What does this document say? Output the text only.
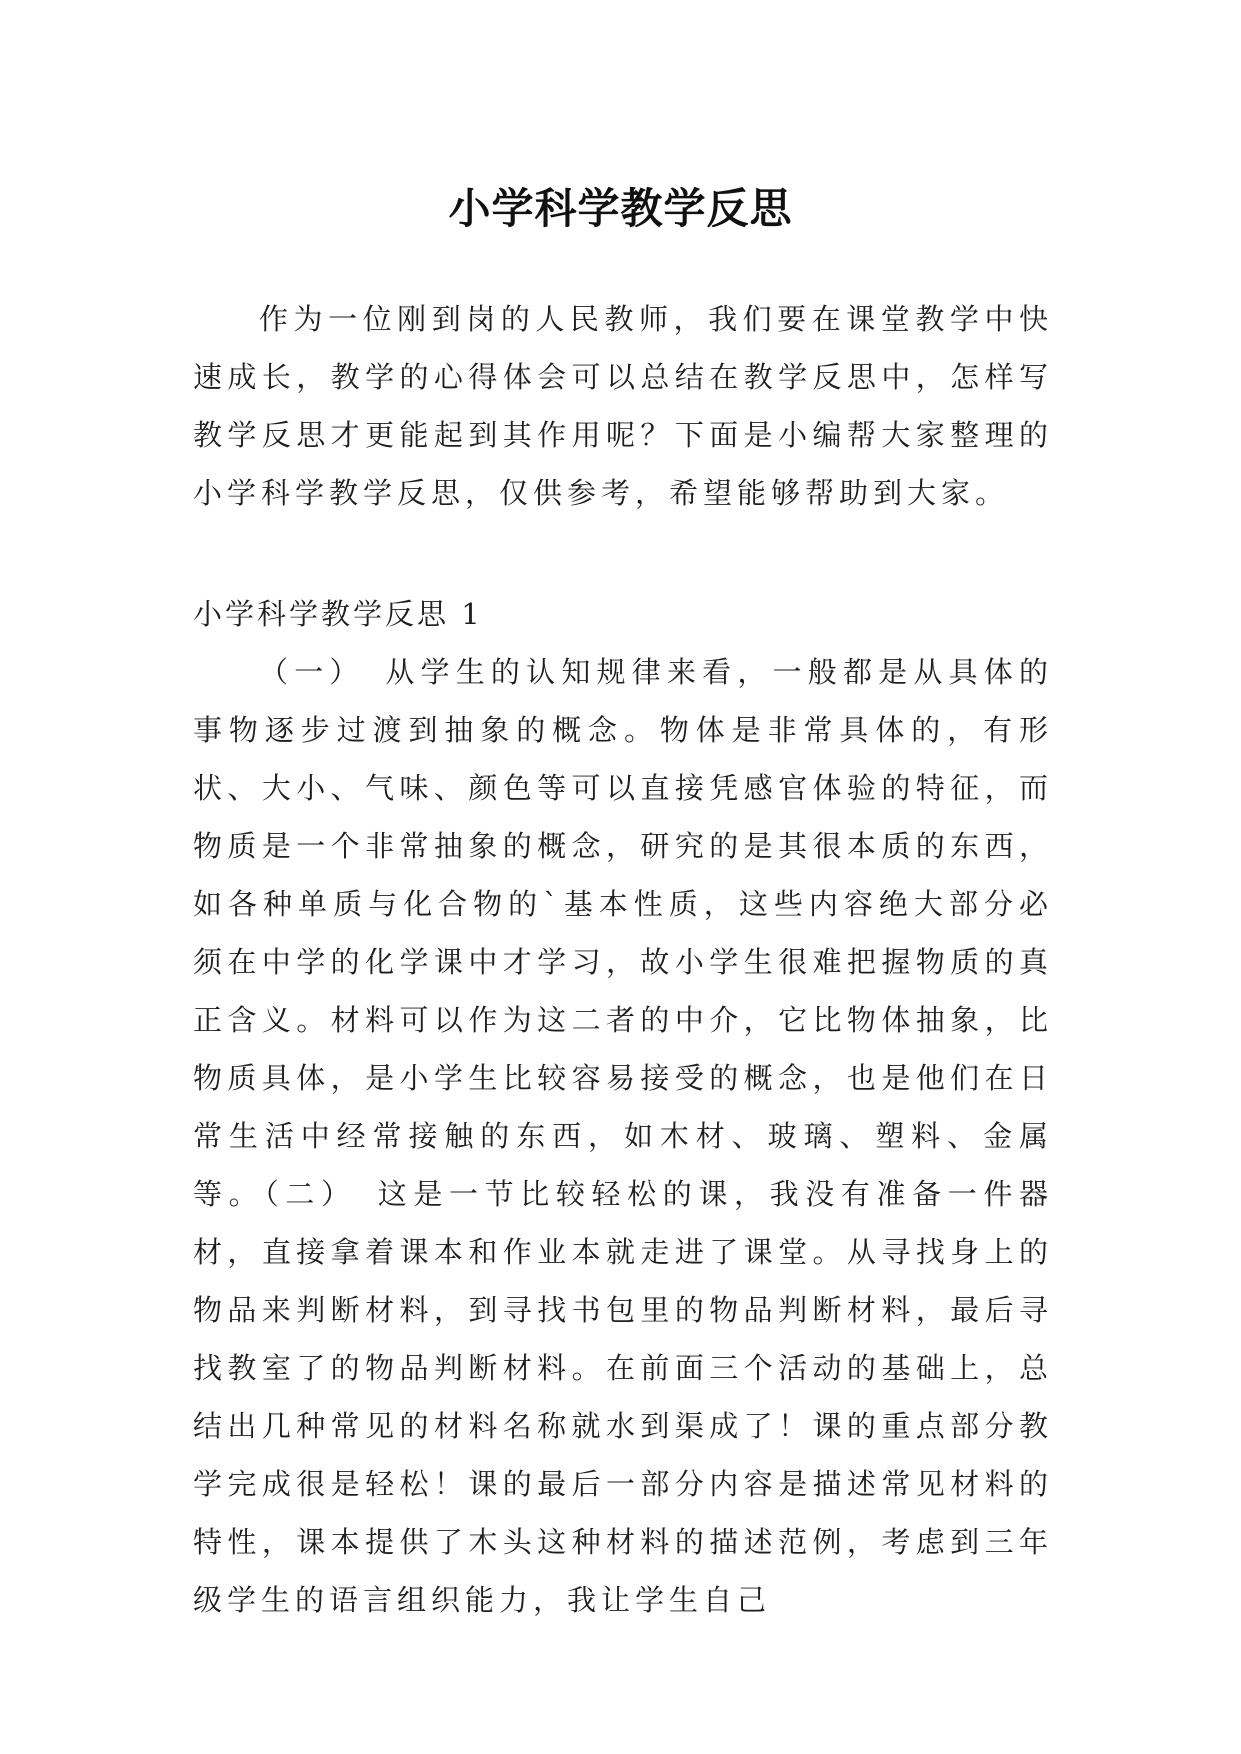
小学科学教学反思

作为一位刚到岗的人民教师，我们要在课堂教学中快速成长，教学的心得体会可以总结在教学反思中，怎样写教学反思才更能起到其作用呢？下面是小编帮大家整理的小学科学教学反思，仅供参考，希望能够帮助到大家。

小学科学教学反思 1

（一）　从学生的认知规律来看，一般都是从具体的事物逐步过渡到抽象的概念。物体是非常具体的，有形状、大小、气味、颜色等可以直接凭感官体验的特征，而物质是一个非常抽象的概念，研究的是其很本质的东西，如各种单质与化合物的`基本性质，这些内容绝大部分必须在中学的化学课中才学习，故小学生很难把握物质的真正含义。材料可以作为这二者的中介，它比物体抽象，比物质具体，是小学生比较容易接受的概念，也是他们在日常生活中经常接触的东西，如木材、玻璃、塑料、金属等。（二）　这是一节比较轻松的课，我没有准备一件器材，直接拿着课本和作业本就走进了课堂。从寻找身上的物品来判断材料，到寻找书包里的物品判断材料，最后寻找教室了的物品判断材料。在前面三个活动的基础上，总结出几种常见的材料名称就水到渠成了！课的重点部分教学完成很是轻松！课的最后一部分内容是描述常见材料的特性，课本提供了木头这种材料的描述范例，考虑到三年级学生的语言组织能力，我让学生自己
